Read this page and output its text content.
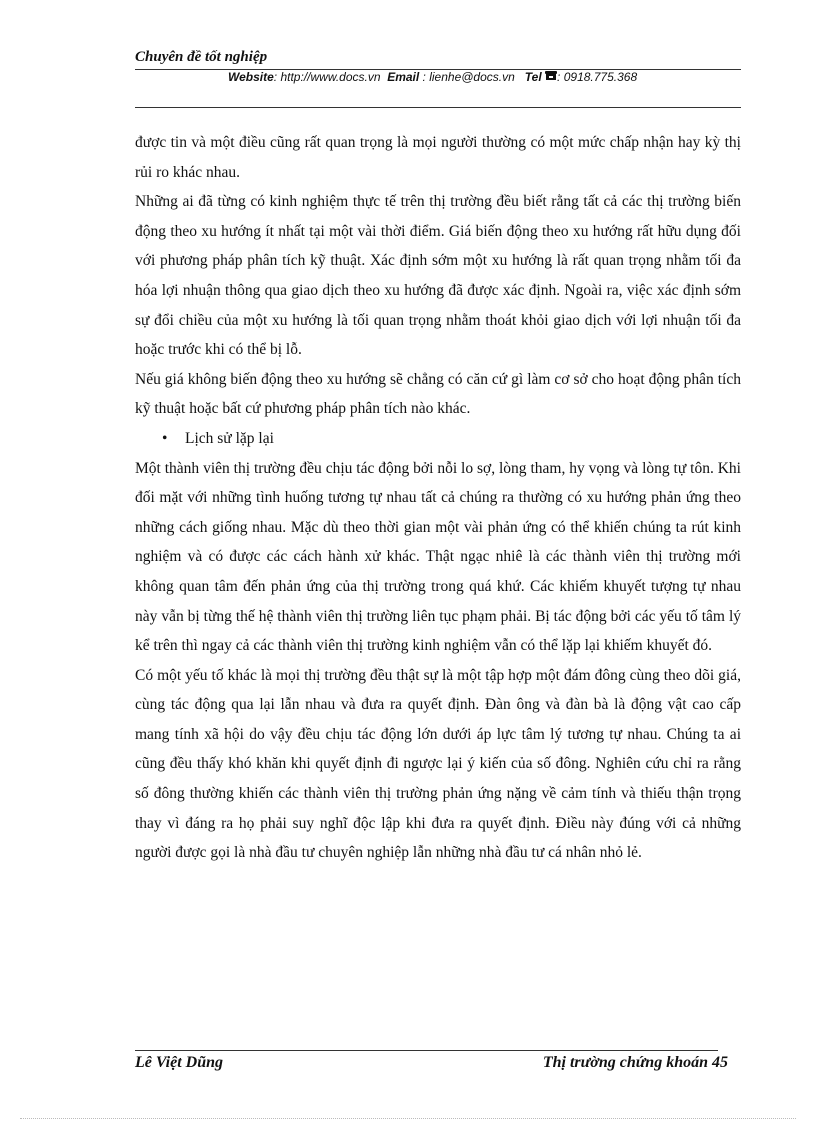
Chuyên đề tốt nghiệp
Website: http://www.docs.vn Email : lienhe@docs.vn Tel : 0918.775.368

được tin và một điều cũng rất quan trọng là mọi người thường có một mức chấp nhận hay kỳ thị rủi ro khác nhau.

Những ai đã từng có kinh nghiệm thực tế trên thị trường đều biết rằng tất cả các thị trường biến động theo xu hướng ít nhất tại một vài thời điểm. Giá biến động theo xu hướng rất hữu dụng đối với phương pháp phân tích kỹ thuật. Xác định sớm một xu hướng là rất quan trọng nhằm tối đa hóa lợi nhuận thông qua giao dịch theo xu hướng đã được xác định. Ngoài ra, việc xác định sớm sự đổi chiều của một xu hướng là tối quan trọng nhằm thoát khỏi giao dịch với lợi nhuận tối đa hoặc trước khi có thể bị lỗ.

Nếu giá không biến động theo xu hướng sẽ chẳng có căn cứ gì làm cơ sở cho hoạt động phân tích kỹ thuật hoặc bất cứ phương pháp phân tích nào khác.

• Lịch sử lặp lại

Một thành viên thị trường đều chịu tác động bởi nỗi lo sợ, lòng tham, hy vọng và lòng tự tôn. Khi đối mặt với những tình huống tương tự nhau tất cả chúng ra thường có xu hướng phản ứng theo những cách giống nhau. Mặc dù theo thời gian một vài phản ứng có thể khiến chúng ta rút kinh nghiệm và có được các cách hành xử khác. Thật ngạc nhiê là các thành viên thị trường mới không quan tâm đến phản ứng của thị trường trong quá khứ. Các khiếm khuyết tượng tự nhau này vẫn bị từng thế hệ thành viên thị trường liên tục phạm phải. Bị tác động bởi các yếu tố tâm lý kể trên thì ngay cả các thành viên thị trường kinh nghiệm vẫn có thể lặp lại khiếm khuyết đó.

Có một yếu tố khác là mọi thị trường đều thật sự là một tập hợp một đám đông cùng theo dõi giá, cùng tác động qua lại lẫn nhau và đưa ra quyết định. Đàn ông và đàn bà là động vật cao cấp mang tính xã hội do vậy đều chịu tác động lớn dưới áp lực tâm lý tương tự nhau. Chúng ta ai cũng đều thấy khó khăn khi quyết định đi ngược lại ý kiến của số đông. Nghiên cứu chỉ ra rằng số đông thường khiến các thành viên thị trường phản ứng nặng về cảm tính và thiếu thận trọng thay vì đáng ra họ phải suy nghĩ độc lập khi đưa ra quyết định. Điều này đúng với cả những người được gọi là nhà đầu tư chuyên nghiệp lẫn những nhà đầu tư cá nhân nhỏ lẻ.

Lê Việt Dũng	Thị trường chứng khoán 45
